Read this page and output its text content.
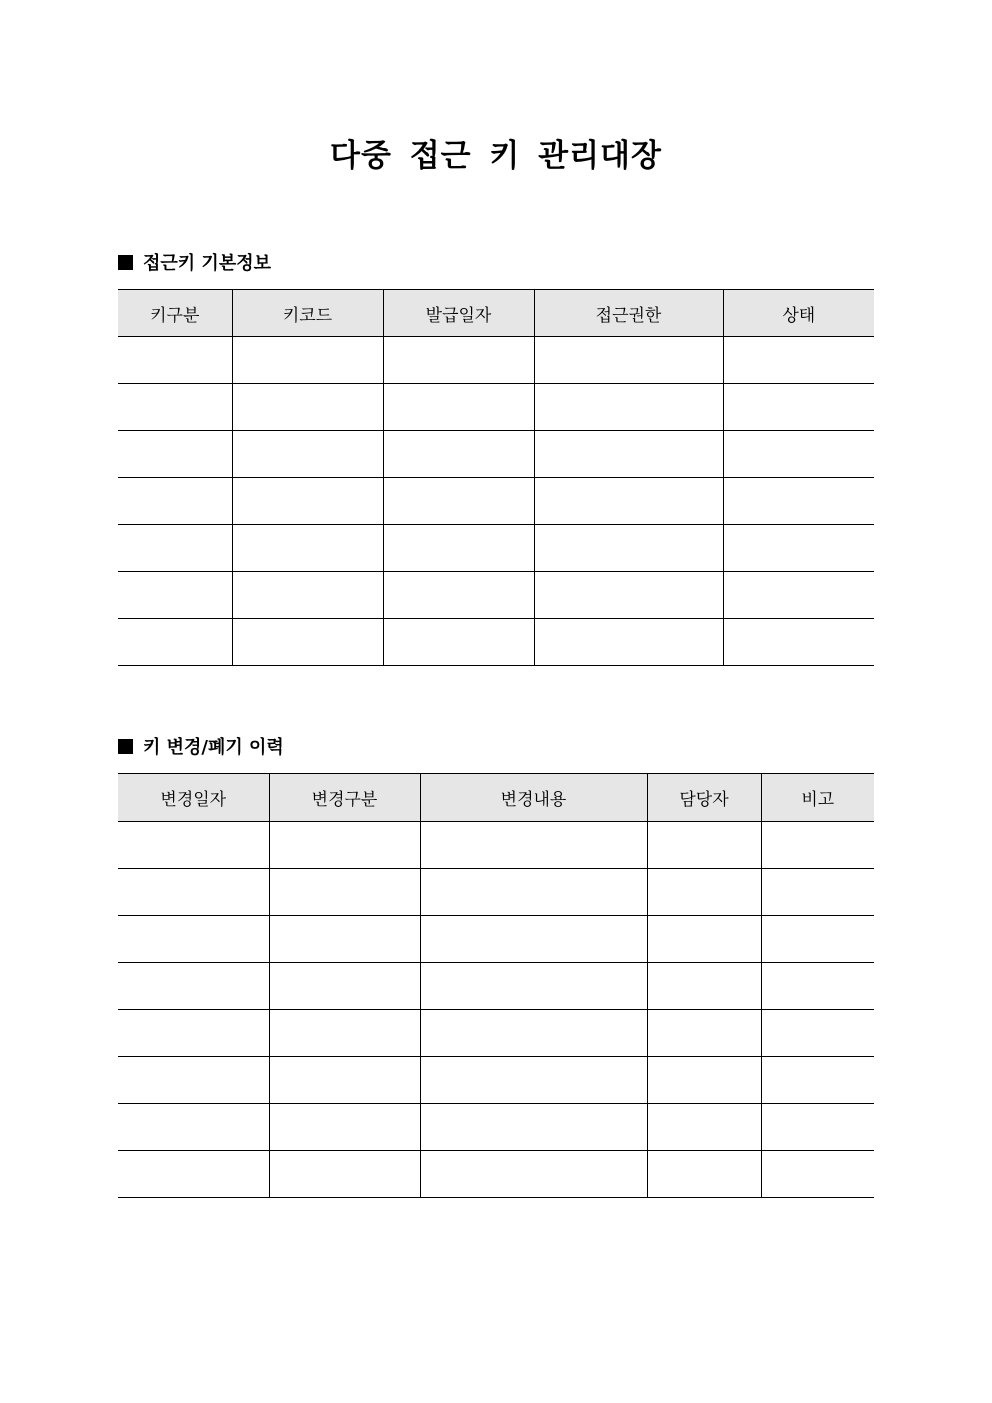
다중 접근 키 관리대장
접근키 기본정보
키구분	키코드	발급일자	접근권한	상태

키 변경/폐기 이력
변경일자	변경구분	변경내용	담당자	비고
